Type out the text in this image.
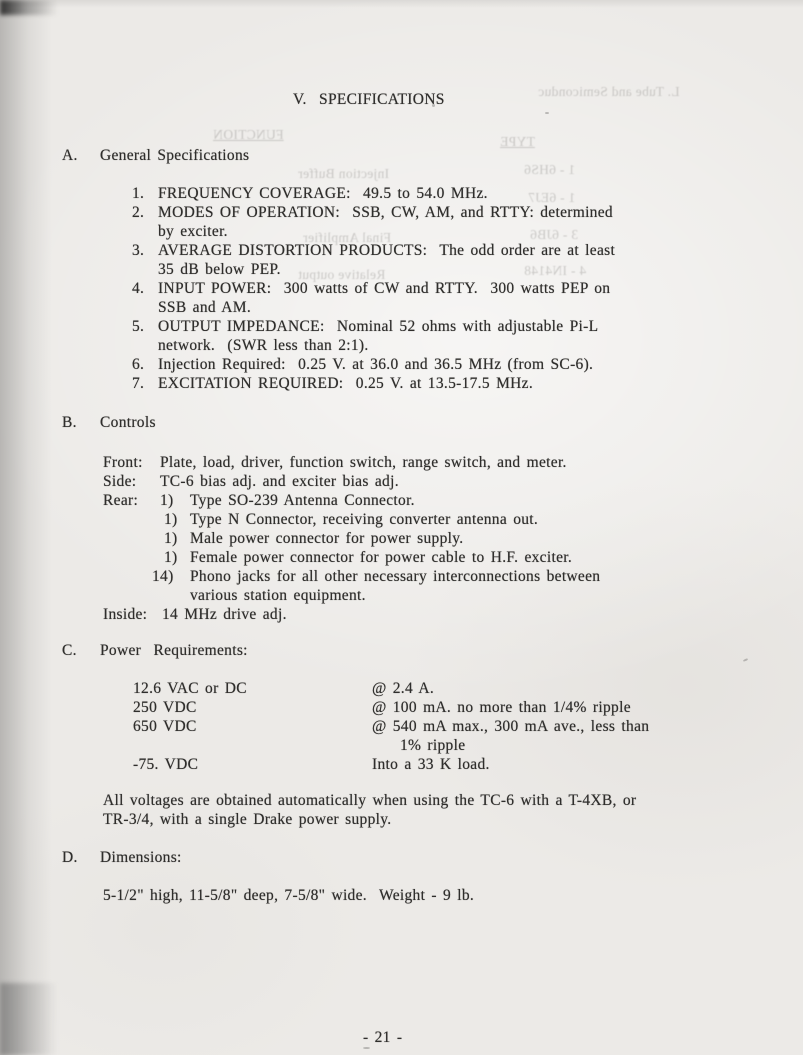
L. Tube and Semiconduc
FUNCTION	TYPE
1 - 6HS6
Injection Buffer
1 - 6EJ7
3 - 6JB6
Final Amplifier
4 - IN4148
Relative output
V.  SPECIFICATIONS
A. General Specifications
1. FREQUENCY COVERAGE:  49.5 to 54.0 MHz.
2. MODES OF OPERATION:  SSB, CW, AM, and RTTY: determined
by exciter.
3. AVERAGE DISTORTION PRODUCTS:  The odd order are at least
35 dB below PEP.
4. INPUT POWER:  300 watts of CW and RTTY.  300 watts PEP on
SSB and AM.
5. OUTPUT IMPEDANCE:  Nominal 52 ohms with adjustable Pi-L
network.  (SWR less than 2:1).
6. Injection Required:  0.25 V. at 36.0 and 36.5 MHz (from SC-6).
7. EXCITATION REQUIRED:  0.25 V. at 13.5-17.5 MHz.
B. Controls
Front: Plate, load, driver, function switch, range switch, and meter.
Side: TC-6 bias adj. and exciter bias adj.
Rear: 1) Type SO-239 Antenna Connector.
1) Type N Connector, receiving converter antenna out.
1) Male power connector for power supply.
1) Female power connector for power cable to H.F. exciter.
14) Phono jacks for all other necessary interconnections between
various station equipment.
Inside: 14 MHz drive adj.
C. Power  Requirements:
12.6 VAC or DC	@ 2.4 A.
250 VDC	@ 100 mA. no more than 1/4% ripple
650 VDC	@ 540 mA max., 300 mA ave., less than
1% ripple
-75. VDC	Into a 33 K load.
All voltages are obtained automatically when using the TC-6 with a T-4XB, or
TR-3/4, with a single Drake power supply.
D. Dimensions:
5-1/2" high, 11-5/8" deep, 7-5/8" wide.  Weight - 9 lb.
- 21 -
